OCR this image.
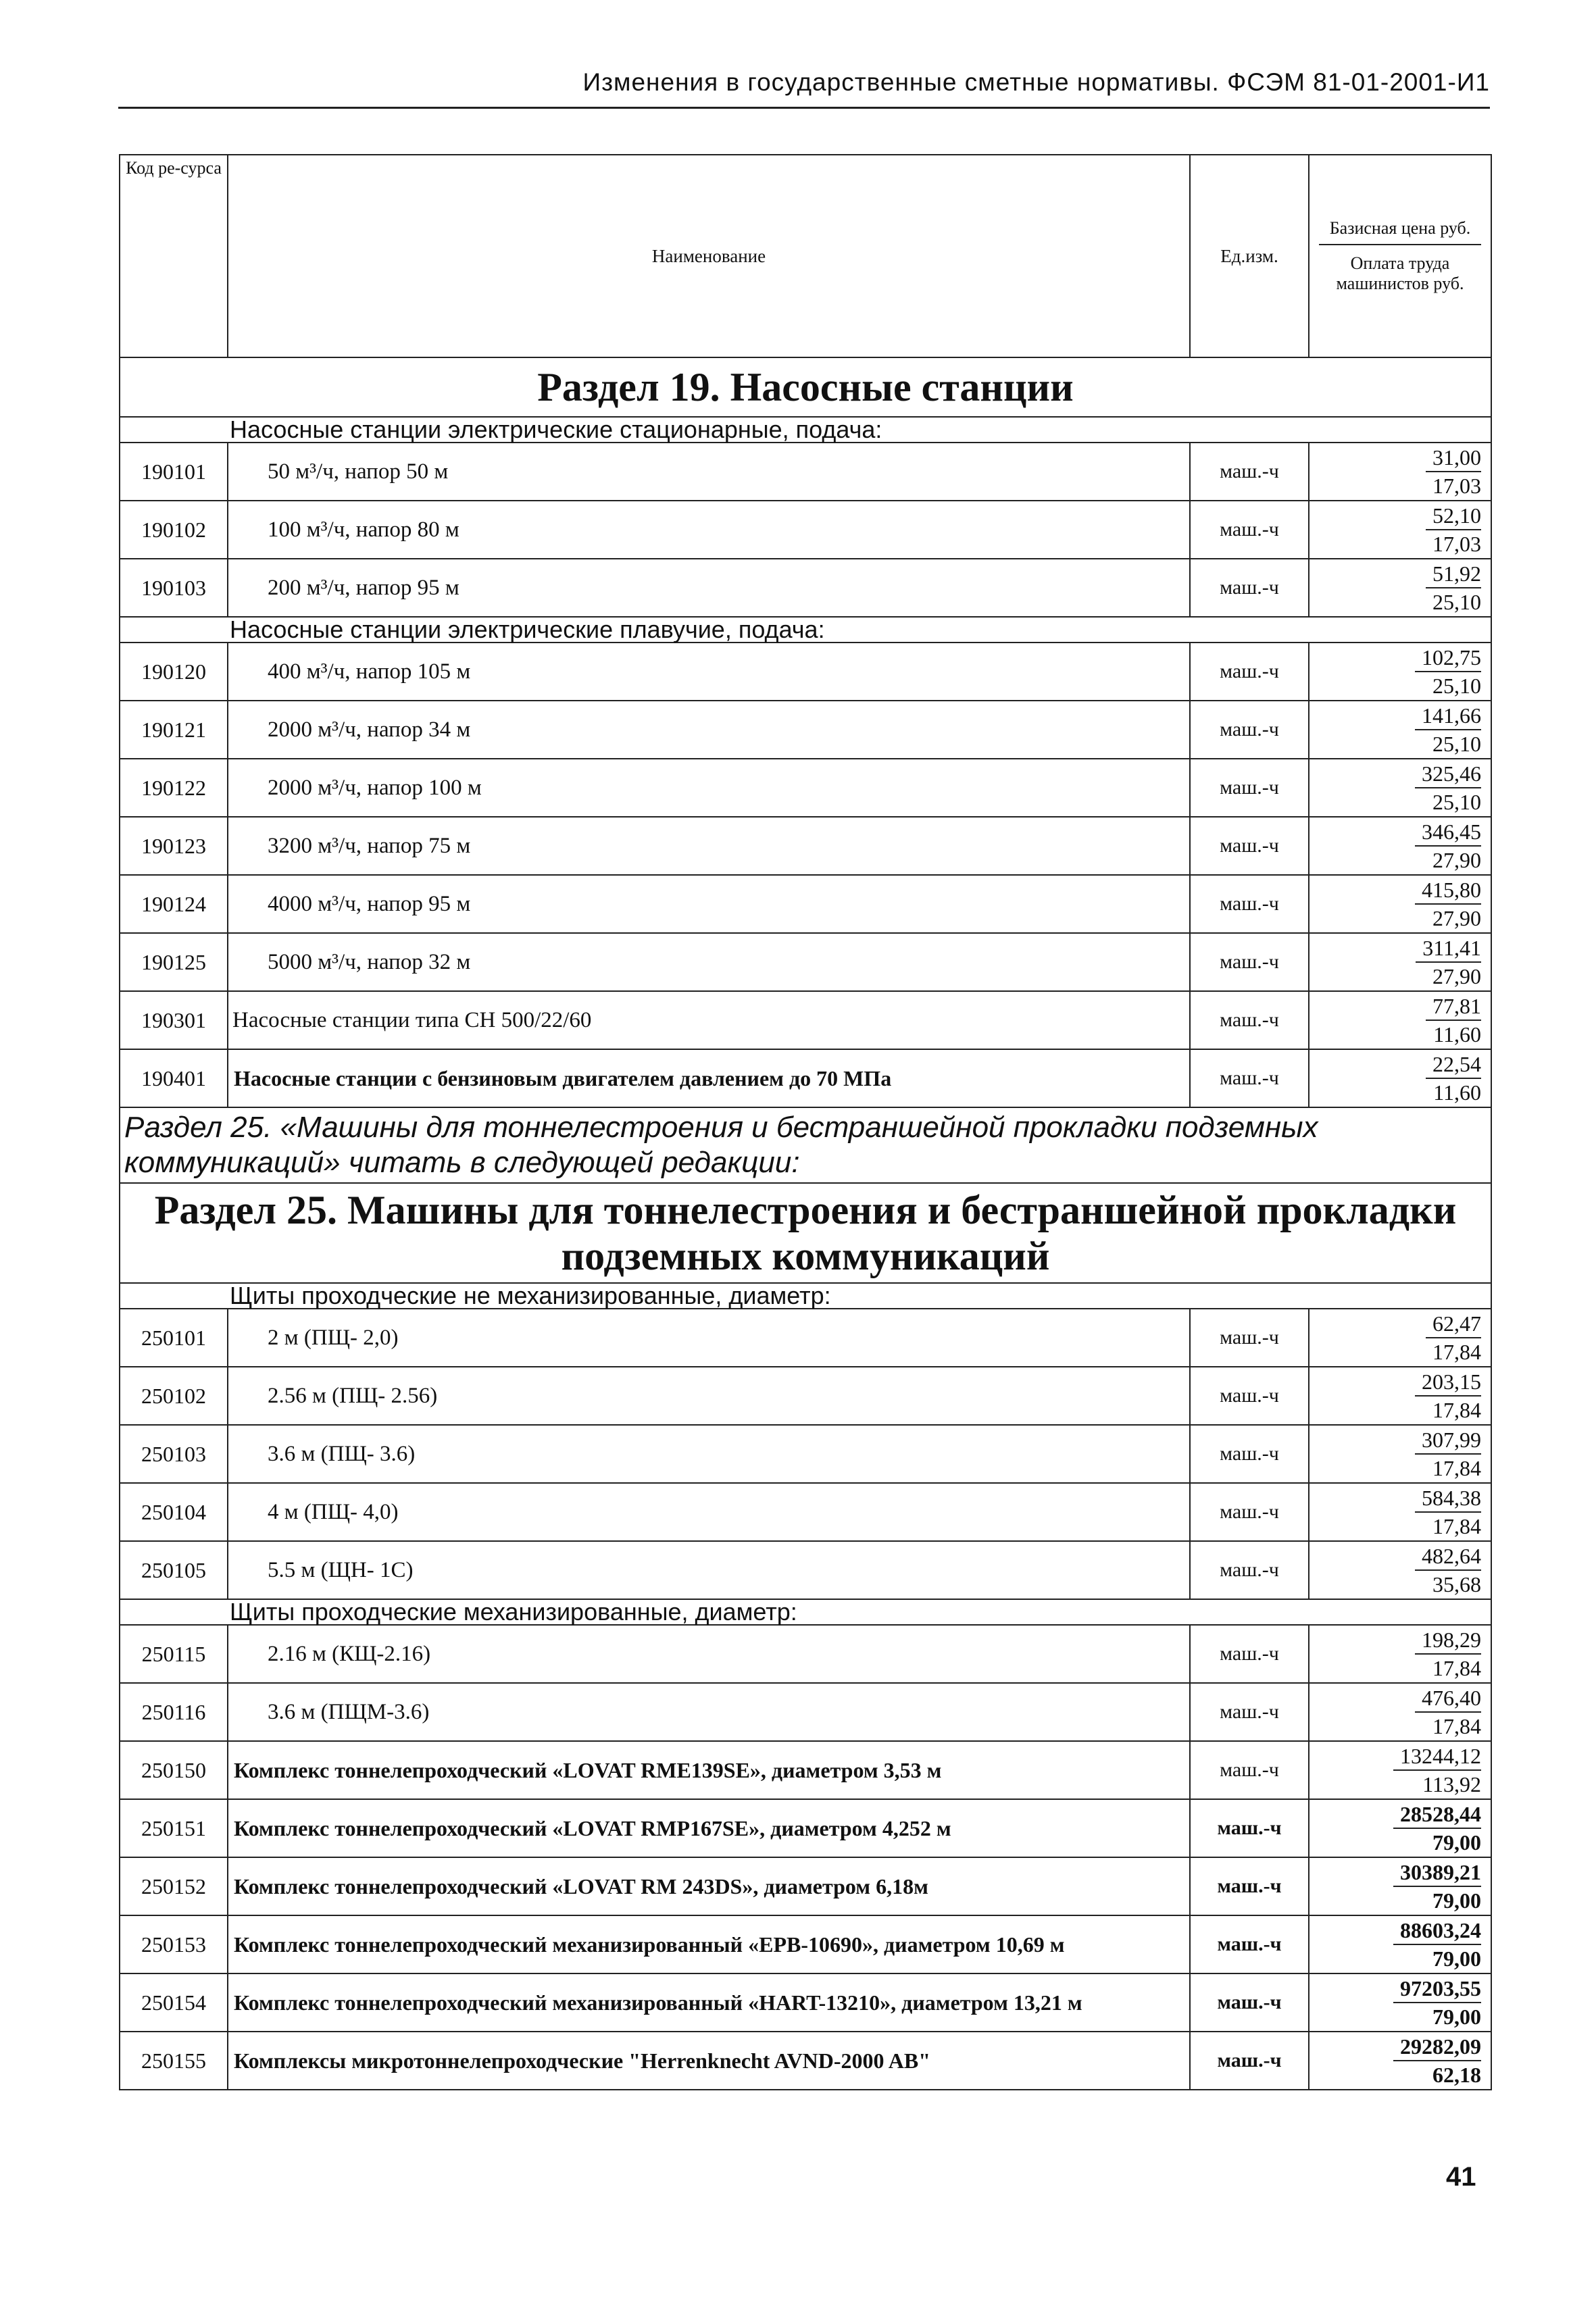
Изменения в государственные сметные нормативы. ФСЭМ 81-01-2001-И1
Код ре-сурса	Наименование	Ед.изм.	Базисная цена руб.
Оплата труда машинистов руб.

Раздел 19. Насосные станции			
Насосные станции электрические стационарные, подача:			
190101	50 м³/ч, напор 50 м	маш.-ч	31,00
17,03
190102	100 м³/ч, напор 80 м	маш.-ч	52,10
17,03
190103	200 м³/ч, напор 95 м	маш.-ч	51,92
25,10
Насосные станции электрические плавучие, подача:			
190120	400 м³/ч, напор 105 м	маш.-ч	102,75
25,10
190121	2000 м³/ч, напор 34 м	маш.-ч	141,66
25,10
190122	2000 м³/ч, напор 100 м	маш.-ч	325,46
25,10
190123	3200 м³/ч, напор 75 м	маш.-ч	346,45
27,90
190124	4000 м³/ч, напор 95 м	маш.-ч	415,80
27,90
190125	5000 м³/ч, напор 32 м	маш.-ч	311,41
27,90
190301	Насосные станции типа СН 500/22/60	маш.-ч	77,81
11,60
190401	Насосные станции с бензиновым двигателем давлением до 70 МПа	маш.-ч	22,54
11,60
Раздел 25. «Машины для тоннелестроения и бестраншейной прокладки подземных коммуникаций» читать в следующей редакции:			
Раздел 25. Машины для тоннелестроения и бестраншейной прокладки
подземных коммуникаций			
Щиты проходческие не механизированные, диаметр:			
250101	2 м (ПЩ- 2,0)	маш.-ч	62,47
17,84
250102	2.56 м (ПЩ- 2.56)	маш.-ч	203,15
17,84
250103	3.6 м (ПЩ- 3.6)	маш.-ч	307,99
17,84
250104	4 м (ПЩ- 4,0)	маш.-ч	584,38
17,84
250105	5.5 м (ЩН- 1С)	маш.-ч	482,64
35,68
Щиты проходческие механизированные, диаметр:			
250115	2.16 м (КЩ-2.16)	маш.-ч	198,29
17,84
250116	3.6 м (ПЩМ-3.6)	маш.-ч	476,40
17,84
250150	Комплекс тоннелепроходческий «LOVAT RME139SE», диаметром 3,53 м	маш.-ч	13244,12
113,92
250151	Комплекс тоннелепроходческий «LOVAT RMP167SE», диаметром 4,252 м	маш.-ч	28528,44
79,00
250152	Комплекс тоннелепроходческий «LOVAT RM 243DS», диаметром 6,18м	маш.-ч	30389,21
79,00
250153	Комплекс тоннелепроходческий механизированный «EPB-10690», диаметром 10,69 м	маш.-ч	88603,24
79,00
250154	Комплекс тоннелепроходческий механизированный «HART-13210», диаметром 13,21 м	маш.-ч	97203,55
79,00
250155	Комплексы микротоннелепроходческие "Herrenknecht AVND-2000 AB"	маш.-ч	29282,09
62,18
41
